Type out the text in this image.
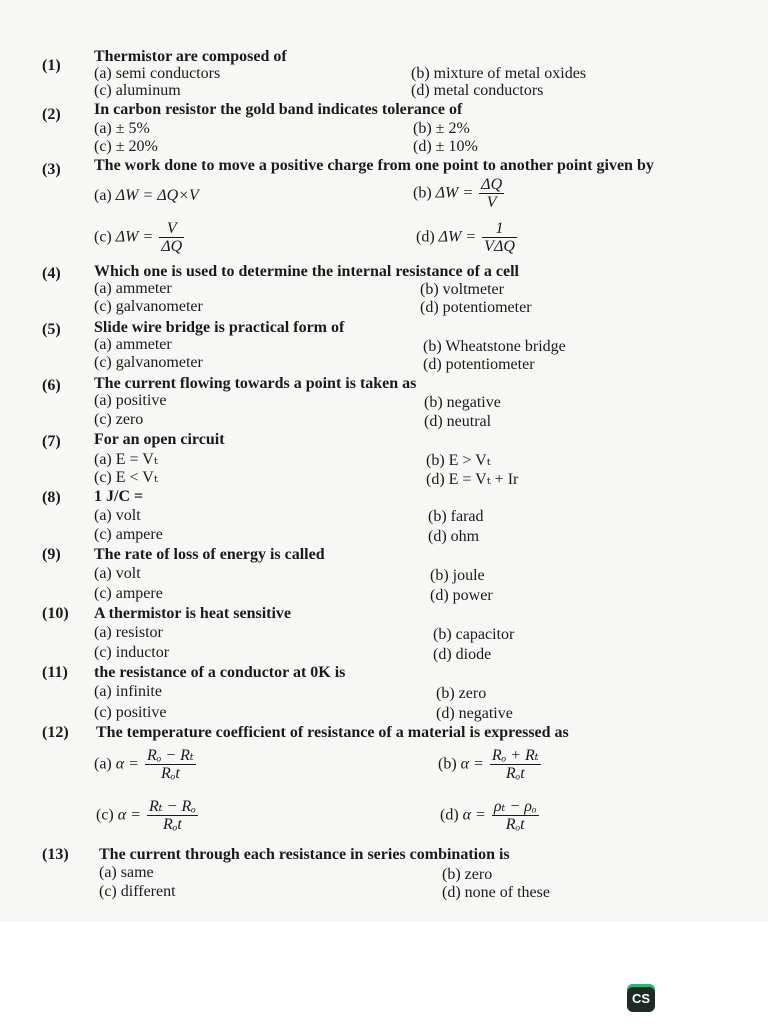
(1)
Thermistor are composed of
(a) semi conductors	(b) mixture of metal oxides
(c) aluminum	(d) metal conductors
(2) In carbon resistor the gold band indicates tolerance of
(a) ± 5%	(b) ± 2%
(c) ± 20%	(d) ± 10%
(3) The work done to move a positive charge from one point to another point given by
(a) ΔW = ΔQ×V	(b) $\Delta W = \frac{\Delta Q}{V}$
(c) $\Delta W = \frac{V}{\Delta Q}$	(d) $\Delta W = \frac{1}{\text{VΔQ}}$
(4) Which one is used to determine the internal resistance of a cell
(a) ammeter	(b) voltmeter
(c) galvanometer	(d) potentiometer
(5) Slide wire bridge is practical form of
(a) ammeter	(b) Wheatstone bridge
(c) galvanometer	(d) potentiometer
(6) The current flowing towards a point is taken as
(a) positive	(b) negative
(c) zero	(d) neutral
(7) For an open circuit
(a) E = Vₜ	(b) E > Vₜ
(c) E < Vₜ	(d) E = Vₜ + Ir
(8) 1 J/C =
(a) volt	(b) farad
(c) ampere	(d) ohm
(9) The rate of loss of energy is called
(a) volt	(b) joule
(c) ampere	(d) power
(10) A thermistor is heat sensitive
(a) resistor	(b) capacitor
(c) inductor	(d) diode
(11) the resistance of a conductor at 0K is
(a) infinite	(b) zero
(c) positive	(d) negative
(12) The temperature coefficient of resistance of a material is expressed as
(a) $\alpha = \frac{\text{Rₒ − Rₜ}}{\text{Rₒt}}$	(b) $\alpha = \frac{\text{Rₒ + Rₜ}}{\text{Rₒt}}$
(c) $\alpha = \frac{\text{Rₜ − Rₒ}}{\text{Rₒt}}$	(d) $\alpha = \frac{\text{ρₜ − ρₒ}}{\text{Rₒt}}$
(13) The current through each resistance in series combination is
(a) same	(b) zero
(c) different	(d) none of these
CS
